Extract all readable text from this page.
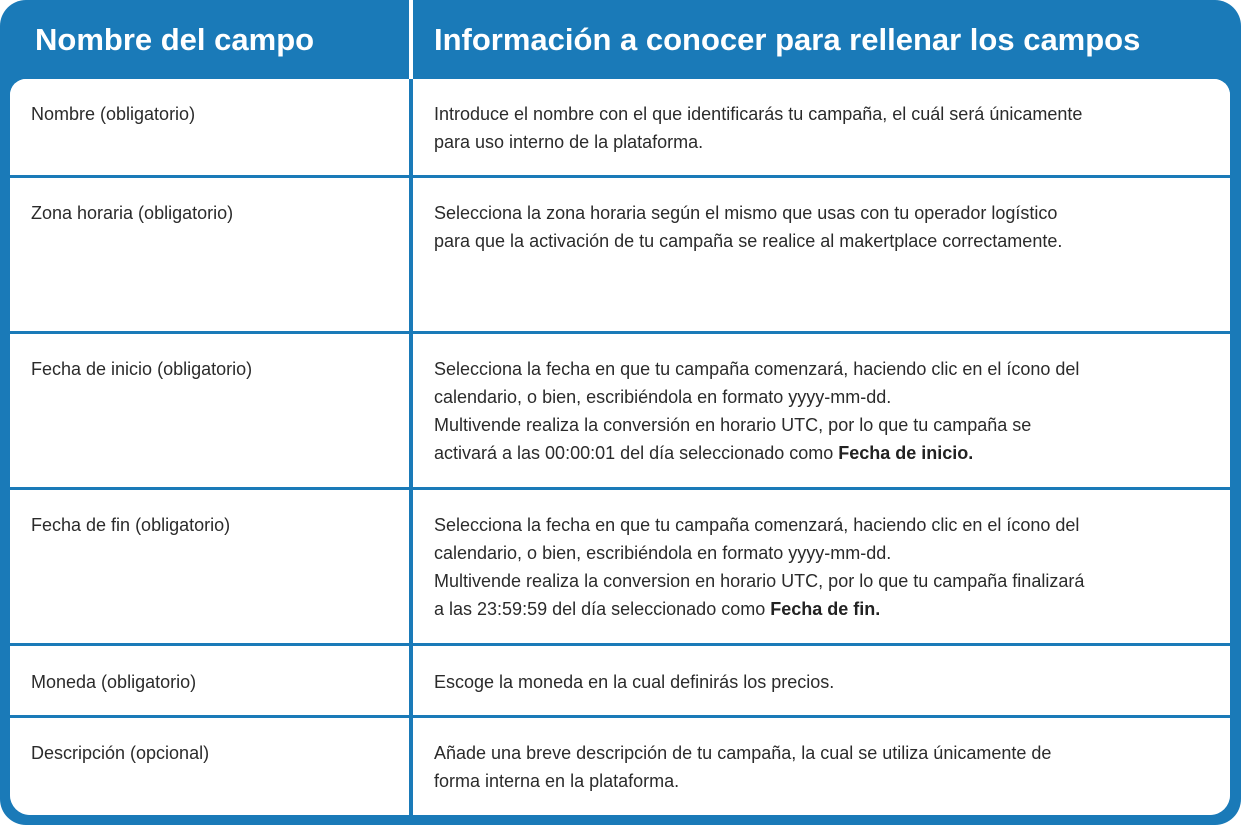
Nombre del campo	Información a conocer para rellenar los campos
Nombre (obligatorio)	Introduce el nombre con el que identificarás tu campaña, el cuál será únicamente
para uso interno de la plataforma.
Zona horaria (obligatorio)	Selecciona la zona horaria según el mismo que usas con tu operador logístico
para que la activación de tu campaña se realice al makertplace correctamente.
Fecha de inicio (obligatorio)	Selecciona la fecha en que tu campaña comenzará, haciendo clic en el ícono del
calendario, o bien, escribiéndola en formato yyyy-mm-dd.
Multivende realiza la conversión en horario UTC, por lo que tu campaña se
activará a las 00:00:01 del día seleccionado como Fecha de inicio.
Fecha de fin (obligatorio)	Selecciona la fecha en que tu campaña comenzará, haciendo clic en el ícono del
calendario, o bien, escribiéndola en formato yyyy-mm-dd.
Multivende realiza la conversion en horario UTC, por lo que tu campaña finalizará
a las 23:59:59 del día seleccionado como Fecha de fin.
Moneda (obligatorio)	Escoge la moneda en la cual definirás los precios.
Descripción (opcional)	Añade una breve descripción de tu campaña, la cual se utiliza únicamente de
forma interna en la plataforma.
